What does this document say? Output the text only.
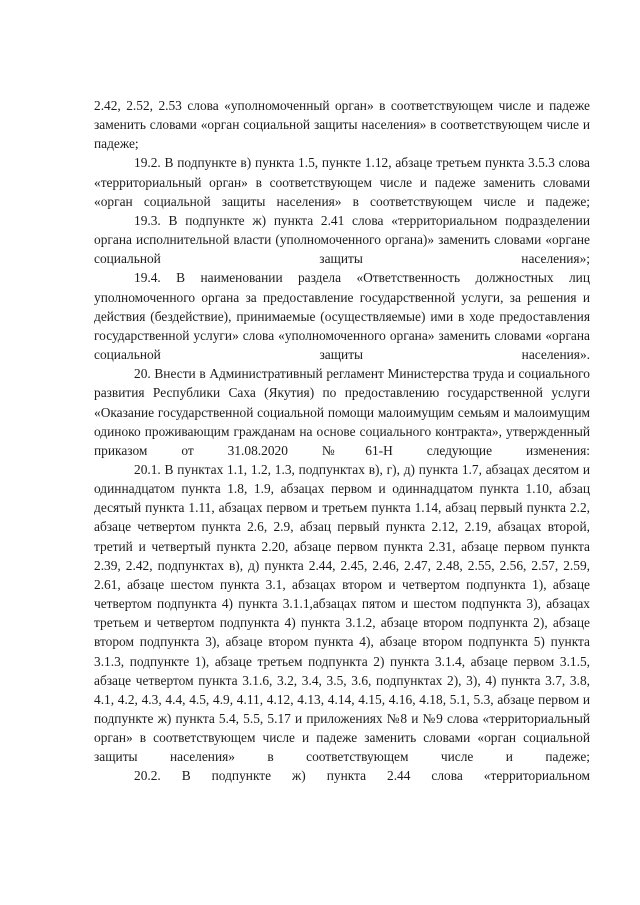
2.42, 2.52, 2.53 слова «уполномоченный орган» в соответствующем числе и падеже заменить словами «орган социальной защиты населения» в соответствующем числе и падеже;

19.2. В подпункте в) пункта 1.5, пункте 1.12, абзаце третьем пункта 3.5.3 слова «территориальный орган» в соответствующем числе и падеже заменить словами «орган социальной защиты населения» в соответствующем числе и падеже;

19.3. В подпункте ж) пункта 2.41 слова «территориальном подразделении органа исполнительной власти (уполномоченного органа)» заменить словами «органе социальной защиты населения»;

19.4. В наименовании раздела «Ответственность должностных лиц уполномоченного органа за предоставление государственной услуги, за решения и действия (бездействие), принимаемые (осуществляемые) ими в ходе предоставления государственной услуги» слова «уполномоченного органа» заменить словами «органа социальной защиты населения».

20. Внести в Административный регламент Министерства труда и социального развития Республики Саха (Якутия) по предоставлению государственной услуги «Оказание государственной социальной помощи малоимущим семьям и малоимущим одиноко проживающим гражданам на основе социального контракта», утвержденный приказом от 31.08.2020 №61-Н следующие изменения:

20.1. В пунктах 1.1, 1.2, 1.3, подпунктах в), г), д) пункта 1.7, абзацах десятом и одиннадцатом пункта 1.8, 1.9, абзацах первом и одиннадцатом пункта 1.10, абзац десятый пункта 1.11, абзацах первом и третьем пункта 1.14, абзац первый пункта 2.2, абзаце четвертом пункта 2.6, 2.9, абзац первый пункта 2.12, 2.19, абзацах второй, третий и четвертый пункта 2.20, абзаце первом пункта 2.31, абзаце первом пункта 2.39, 2.42, подпунктах в), д) пункта 2.44, 2.45, 2.46, 2.47, 2.48, 2.55, 2.56, 2.57, 2.59, 2.61, абзаце шестом пункта 3.1, абзацах втором и четвертом подпункта 1), абзаце четвертом подпункта 4) пункта 3.1.1,абзацах пятом и шестом подпункта 3), абзацах третьем и четвертом подпункта 4) пункта 3.1.2, абзаце втором подпункта 2), абзаце втором подпункта 3), абзаце втором пункта 4), абзаце втором подпункта 5) пункта 3.1.3, подпункте 1), абзаце третьем подпункта 2) пункта 3.1.4, абзаце первом 3.1.5, абзаце четвертом пункта 3.1.6, 3.2, 3.4, 3.5, 3.6, подпунктах 2), 3), 4) пункта 3.7, 3.8, 4.1, 4.2, 4.3, 4.4, 4.5, 4.9, 4.11, 4.12, 4.13, 4.14, 4.15, 4.16, 4.18, 5.1, 5.3, абзаце первом и подпункте ж) пункта 5.4, 5.5, 5.17 и приложениях №8 и №9 слова «территориальный орган» в соответствующем числе и падеже заменить словами «орган социальной защиты населения» в соответствующем числе и падеже;

20.2. В подпункте ж) пункта 2.44 слова «территориальном
